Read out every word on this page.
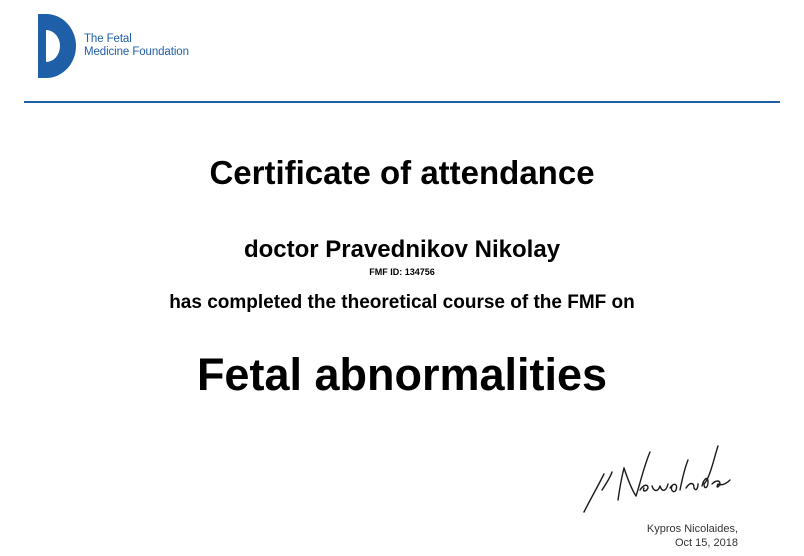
The Fetal
Medicine Foundation
Certificate of attendance
doctor Pravednikov Nikolay
FMF ID: 134756
has completed the theoretical course of the FMF on
Fetal abnormalities
Kypros Nicolaides,
Oct 15, 2018
